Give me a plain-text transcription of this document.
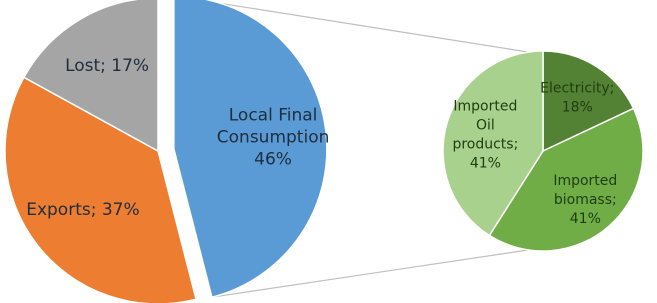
Local Final Consumption 46%
Exports; 37%
Lost; 17%
Electricity; 18%
Imported biomass; 41%
Imported Oil products; 41%
